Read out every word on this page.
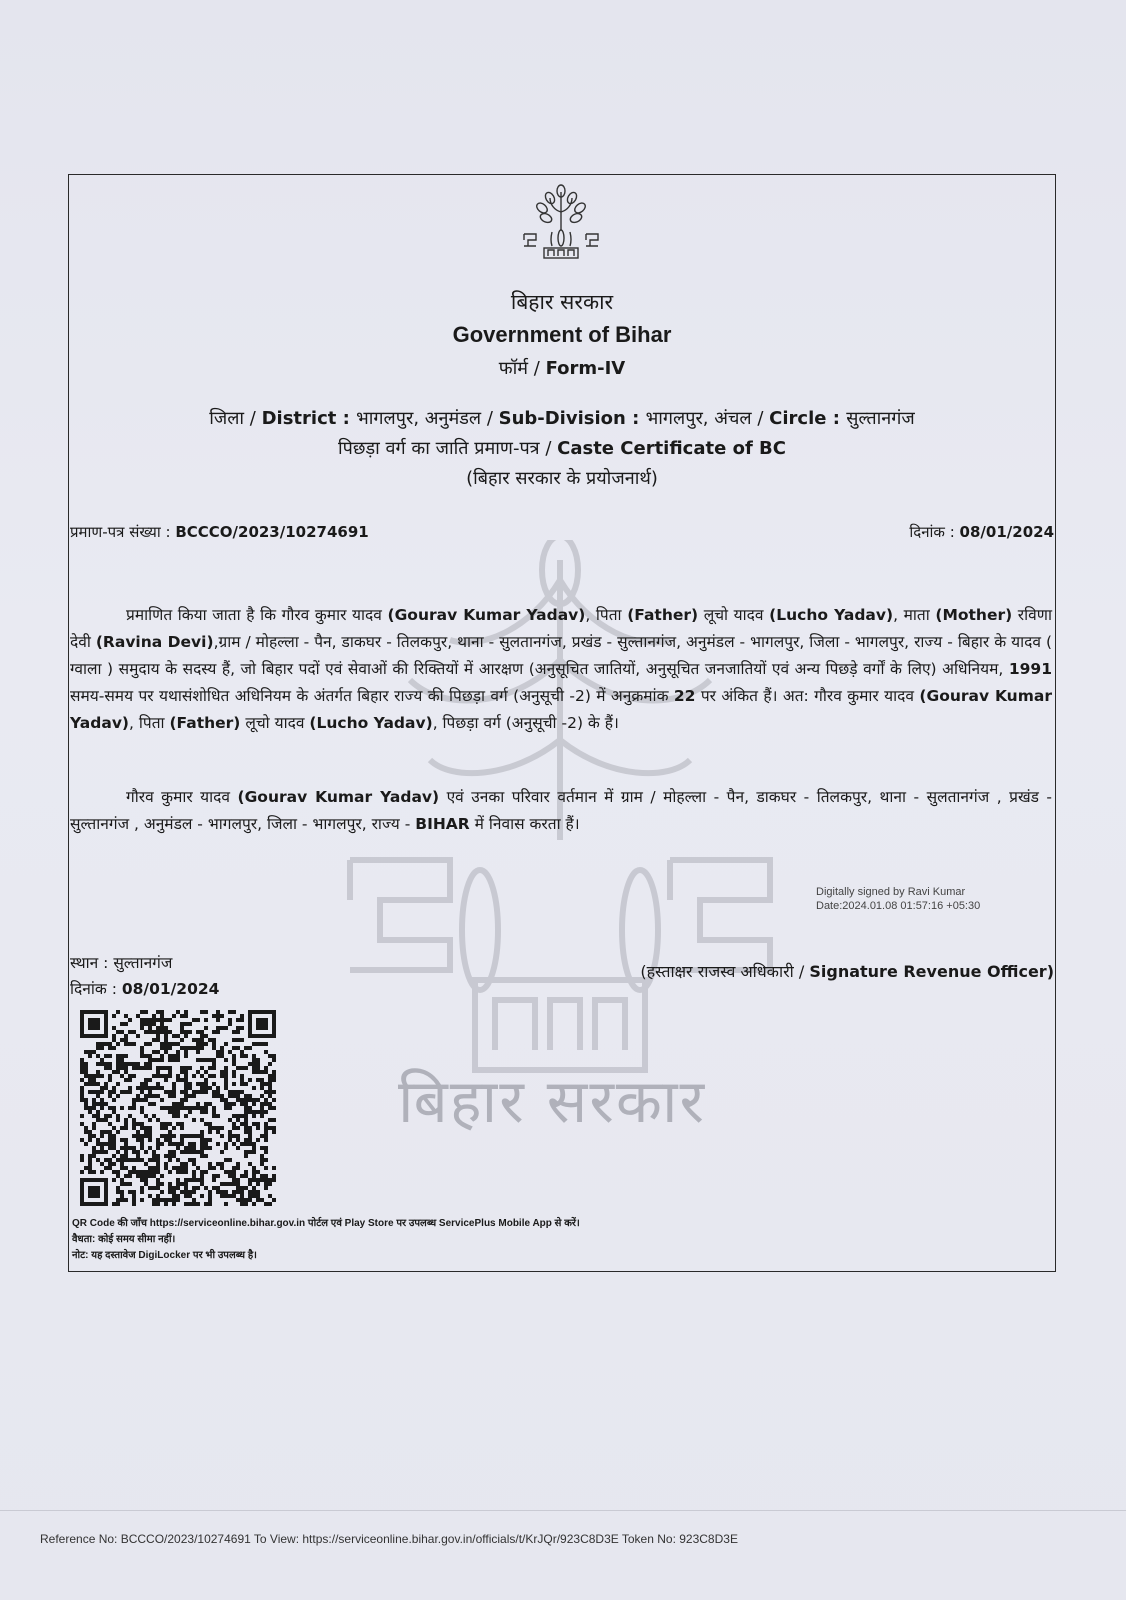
बिहार सरकार
बिहार सरकार
Government of Bihar
फॉर्म / Form-IV
जिला / District : भागलपुर, अनुमंडल / Sub-Division : भागलपुर, अंचल / Circle : सुल्तानगंज
पिछड़ा वर्ग का जाति प्रमाण-पत्र / Caste Certificate of BC
(बिहार सरकार के प्रयोजनार्थ)
प्रमाण-पत्र संख्या : BCCCO/2023/10274691	दिनांक : 08/01/2024
प्रमाणित किया जाता है कि गौरव कुमार यादव (Gourav Kumar Yadav), पिता (Father) लूचो यादव (Lucho Yadav), माता (Mother) रविणा देवी (Ravina Devi),ग्राम / मोहल्ला - पैन, डाकघर - तिलकपुर, थाना - सुलतानगंज, प्रखंड - सुल्तानगंज, अनुमंडल - भागलपुर, जिला - भागलपुर, राज्य - बिहार के यादव ( ग्वाला ) समुदाय के सदस्य हैं, जो बिहार पदों एवं सेवाओं की रिक्तियों में आरक्षण (अनुसूचित जातियों, अनुसूचित जनजातियों एवं अन्य पिछड़े वर्गों के लिए) अधिनियम, 1991 समय-समय पर यथासंशोधित अधिनियम के अंतर्गत बिहार राज्य की पिछड़ा वर्ग (अनुसूची -2) में अनुक्रमांक 22 पर अंकित हैं। अत: गौरव कुमार यादव (Gourav Kumar Yadav), पिता (Father) लूचो यादव (Lucho Yadav), पिछड़ा वर्ग (अनुसूची -2) के हैं।
गौरव कुमार यादव (Gourav Kumar Yadav) एवं उनका परिवार वर्तमान में ग्राम / मोहल्ला - पैन, डाकघर - तिलकपुर, थाना - सुलतानगंज , प्रखंड - सुल्तानगंज , अनुमंडल - भागलपुर, जिला - भागलपुर, राज्य - BIHAR में निवास करता हैं।
Digitally signed by Ravi Kumar
Date:2024.01.08 01:57:16 +05:30
स्थान : सुल्तानगंज
दिनांक : 08/01/2024
(हस्ताक्षर राजस्व अधिकारी / Signature Revenue Officer)
QR Code की जाँच https://serviceonline.bihar.gov.in पोर्टल एवं Play Store पर उपलब्ध ServicePlus Mobile App से करें।
वैधता: कोई समय सीमा नहीं।
नोट: यह दस्तावेज DigiLocker पर भी उपलब्ध है।
Reference No: BCCCO/2023/10274691 To View: https://serviceonline.bihar.gov.in/officials/t/KrJQr/923C8D3E Token No: 923C8D3E
